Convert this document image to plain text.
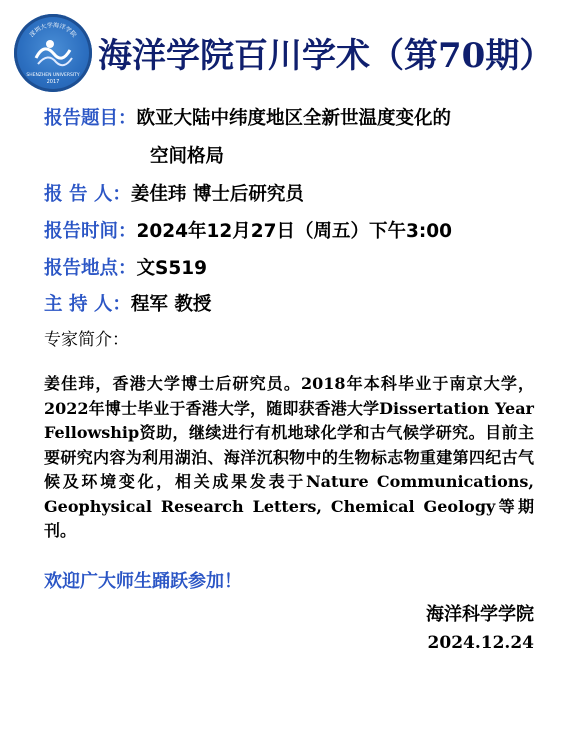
深圳大学海洋学院
SHENZHEN UNIVERSITY
2017
海洋学院百川学术（第70期）
报告题目：欧亚大陆中纬度地区全新世温度变化的
空间格局
报 告 人：姜佳玮 博士后研究员
报告时间：2024年12月27日（周五）下午3:00
报告地点：文S519
主 持 人：程军 教授
专家简介：
姜佳玮，香港大学博士后研究员。2018年本科毕业于南京大学，2022年博士毕业于香港大学，随即获香港大学Dissertation Year Fellowship资助，继续进行有机地球化学和古气候学研究。目前主要研究内容为利用湖泊、海洋沉积物中的生物标志物重建第四纪古气候及环境变化，相关成果发表于Nature Communications, Geophysical Research Letters, Chemical Geology等期刊。
欢迎广大师生踊跃参加！
海洋科学学院
2024.12.24
